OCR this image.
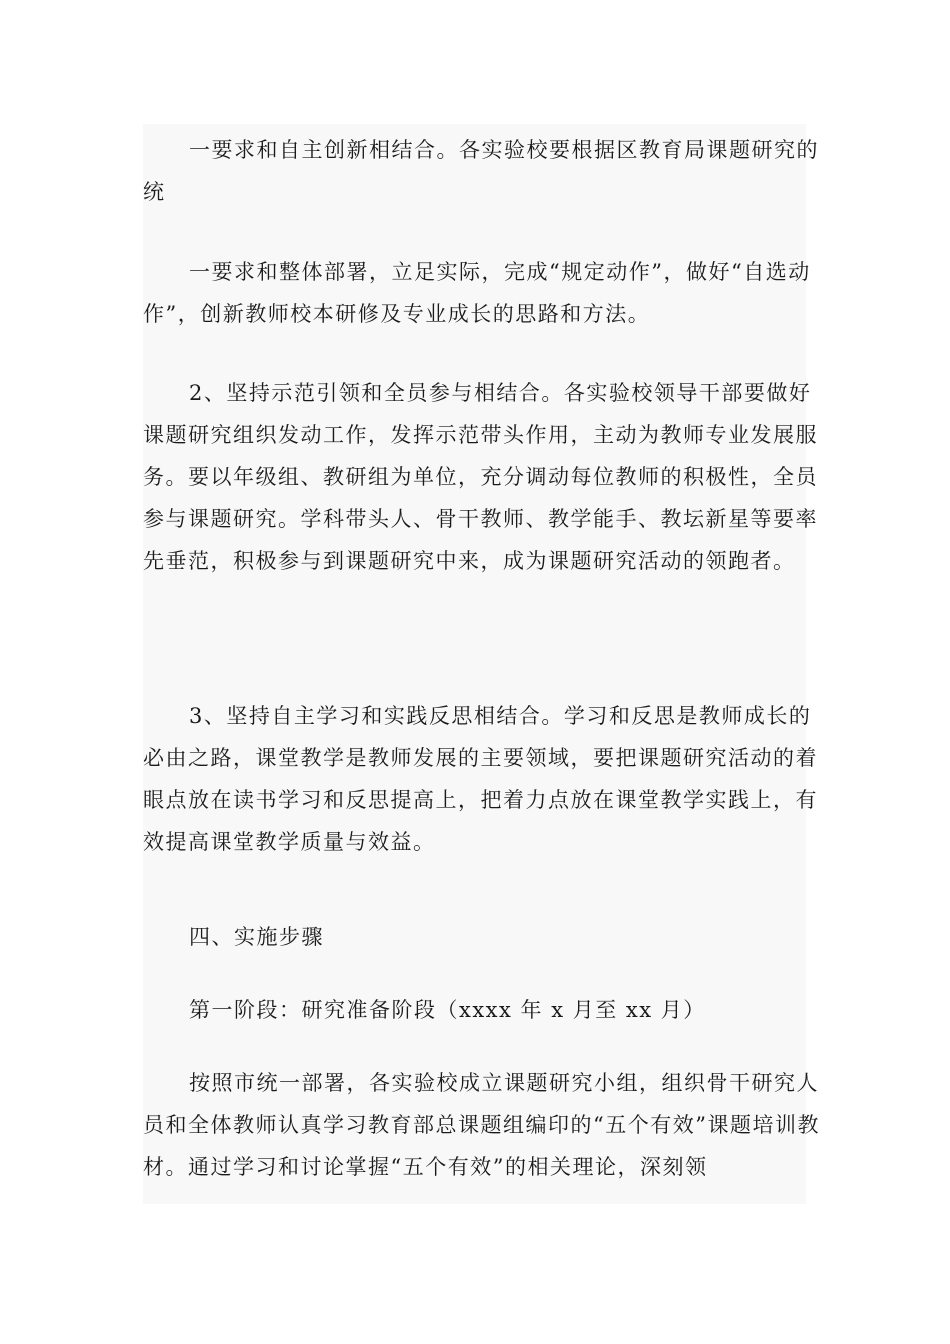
一要求和自主创新相结合。各实验校要根据区教育局课题研究的统

一要求和整体部署，立足实际，完成“规定动作”，做好“自选动作”，创新教师校本研修及专业成长的思路和方法。

2、坚持示范引领和全员参与相结合。各实验校领导干部要做好课题研究组织发动工作，发挥示范带头作用，主动为教师专业发展服务。要以年级组、教研组为单位，充分调动每位教师的积极性，全员参与课题研究。学科带头人、骨干教师、教学能手、教坛新星等要率先垂范，积极参与到课题研究中来，成为课题研究活动的领跑者。

3、坚持自主学习和实践反思相结合。学习和反思是教师成长的必由之路，课堂教学是教师发展的主要领域，要把课题研究活动的着眼点放在读书学习和反思提高上，把着力点放在课堂教学实践上，有效提高课堂教学质量与效益。

四、实施步骤

第一阶段：研究准备阶段（xxxx 年 x 月至 xx 月）

按照市统一部署，各实验校成立课题研究小组，组织骨干研究人员和全体教师认真学习教育部总课题组编印的“五个有效”课题培训教材。通过学习和讨论掌握“五个有效”的相关理论，深刻领
